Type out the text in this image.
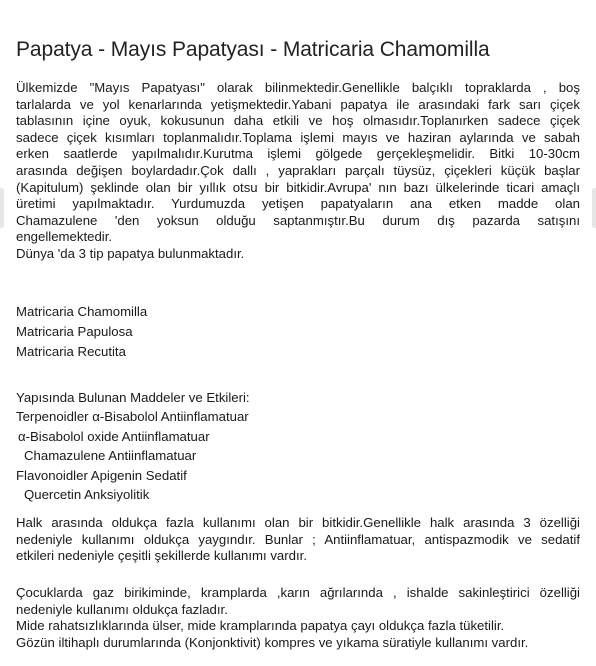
Papatya - Mayıs Papatyası - Matricaria Chamomilla
Ülkemizde "Mayıs Papatyası" olarak bilinmektedir.Genellikle balçıklı topraklarda , boş
tarlalarda ve yol kenarlarında yetişmektedir.Yabani papatya ile arasındaki fark sarı çiçek
tablasının içine oyuk, kokusunun daha etkili ve hoş olmasıdır.Toplanırken sadece çiçek
sadece çiçek kısımları toplanmalıdır.Toplama işlemi mayıs ve haziran aylarında ve sabah
erken saatlerde yapılmalıdır.Kurutma işlemi gölgede gerçekleşmelidir. Bitki 10-30cm
arasında değişen boylardadır.Çok dallı , yaprakları parçalı tüysüz, çiçekleri küçük başlar
(Kapitulum) şeklinde olan bir yıllık otsu bir bitkidir.Avrupa' nın bazı ülkelerinde ticari amaçlı
üretimi yapılmaktadır. Yurdumuzda yetişen papatyaların ana etken madde olan
Chamazulene 'den yoksun olduğu saptanmıştır.Bu durum dış pazarda satışını
engellemektedir.
Dünya 'da 3 tip papatya bulunmaktadır.
Matricaria Chamomilla
Matricaria Papulosa
Matricaria Recutita
Yapısında Bulunan Maddeler ve Etkileri:
Terpenoidler α-Bisabolol Antiinflamatuar
α-Bisabolol oxide Antiinflamatuar
Chamazulene Antiinflamatuar
Flavonoidler Apigenin Sedatif
Quercetin Anksiyolitik
Halk arasında oldukça fazla kullanımı olan bir bitkidir.Genellikle halk arasında 3 özelliği
nedeniyle kullanımı oldukça yaygındır. Bunlar ; Antiinflamatuar, antispazmodik ve sedatif
etkileri nedeniyle çeşitli şekillerde kullanımı vardır.
Çocuklarda gaz birikiminde, kramplarda ,karın ağrılarında , ishalde sakinleştirici özelliği
nedeniyle kullanımı oldukça fazladır.
Mide rahatsızlıklarında ülser, mide kramplarında papatya çayı oldukça fazla tüketilir.
Gözün iltihaplı durumlarında (Konjonktivit) kompres ve yıkama süratiyle kullanımı vardır.
